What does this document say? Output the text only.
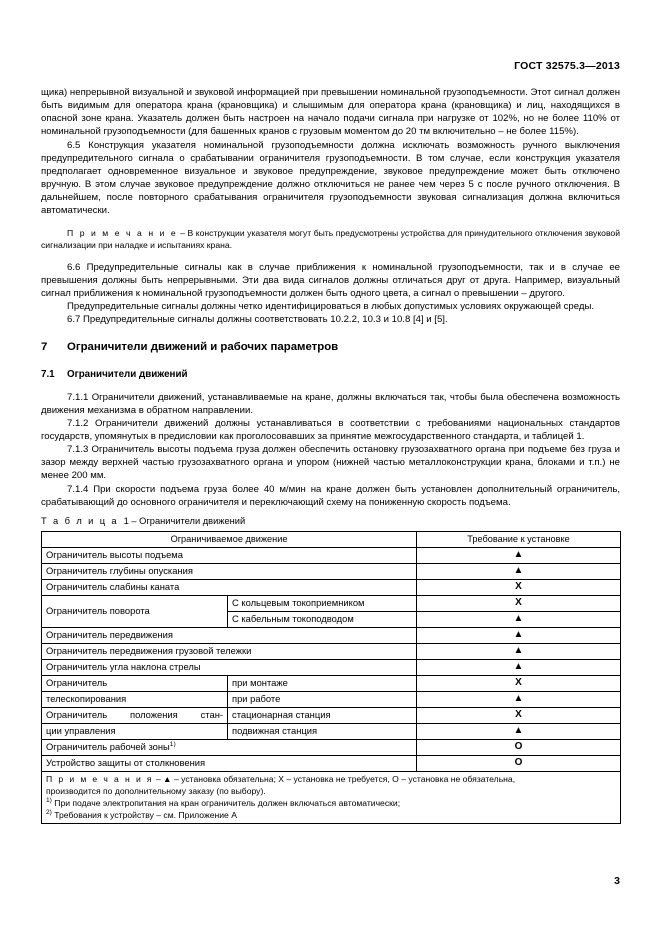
ГОСТ 32575.3—2013

щика) непрерывной визуальной и звуковой информацией при превышении номинальной грузоподъемности. Этот сигнал должен быть видимым для оператора крана (крановщика) и слышимым для оператора крана (крановщика) и лиц, находящихся в опасной зоне крана. Указатель должен быть настроен на начало подачи сигнала при нагрузке от 102%, но не более 110% от номинальной грузоподъемности (для башенных кранов с грузовым моментом до 20 тм включительно – не более 115%).

6.5 Конструкция указателя номинальной грузоподъемности должна исключать возможность ручного выключения предупредительного сигнала о срабатывании ограничителя грузоподъемности. В том случае, если конструкция указателя предполагает одновременное визуальное и звуковое предупреждение, звуковое предупреждение может быть отключено вручную. В этом случае звуковое предупреждение должно отключиться не ранее чем через 5 с после ручного отключения. В дальнейшем, после повторного срабатывания ограничителя грузоподъемности звуковая сигнализация должна включиться автоматически.

П р и м е ч а н и е – В конструкции указателя могут быть предусмотрены устройства для принудительного отключения звуковой сигнализации при наладке и испытаниях крана.

6.6 Предупредительные сигналы как в случае приближения к номинальной грузоподъемности, так и в случае ее превышения должны быть непрерывными. Эти два вида сигналов должны отличаться друг от друга. Например, визуальный сигнал приближения к номинальной грузоподъемности должен быть одного цвета, а сигнал о превышении – другого.

Предупредительные сигналы должны четко идентифицироваться в любых допустимых условиях окружающей среды.

6.7 Предупредительные сигналы должны соответствовать 10.2.2, 10.3 и 10.8 [4] и [5].

7 Ограничители движений и рабочих параметров
7.1 Ограничители движений

7.1.1 Ограничители движений, устанавливаемые на кране, должны включаться так, чтобы была обеспечена возможность движения механизма в обратном направлении.

7.1.2 Ограничители движений должны устанавливаться в соответствии с требованиями национальных стандартов государств, упомянутых в предисловии как проголосовавших за принятие межгосударственного стандарта, и таблицей 1.

7.1.3 Ограничитель высоты подъема груза должен обеспечить остановку грузозахватного органа при подъеме без груза и зазор между верхней частью грузозахватного органа и упором (нижней частью металлоконструкции крана, блоками и т.п.) не менее 200 мм.

7.1.4 При скорости подъема груза более 40 м/мин на кране должен быть установлен дополнительный ограничитель, срабатывающий до основного ограничителя и переключающий схему на пониженную скорость подъема.

Т а б л и ц а 1 – Ограничители движений

Ограничиваемое движение		Требование к установке
Ограничитель высоты подъема		▲
Ограничитель глубины опускания		▲
Ограничитель слабины каната		X
Ограничитель поворота	С кольцевым токоприемником	X
	С кабельным токоподводом	▲
Ограничитель передвижения		▲
Ограничитель передвижения грузовой тележки		▲
Ограничитель угла наклона стрелы		▲
Ограничитель	при монтаже	X
телескопирования	при работе	▲
Ограничитель положения стан-	стационарная станция	X
ции управления	подвижная станция	▲
Ограничитель рабочей зоны$^{1)}$		O
Устройство защиты от столкновения		O

П р и м е ч а н и я – ▲ – установка обязательна; X – установка не требуется, O – установка не обязательна,
производится по дополнительному заказу (по выбору).
$^{1)}$ При подаче электропитания на кран ограничитель должен включаться автоматически;
$^{2)}$ Требования к устройству – см. Приложение А		
3
